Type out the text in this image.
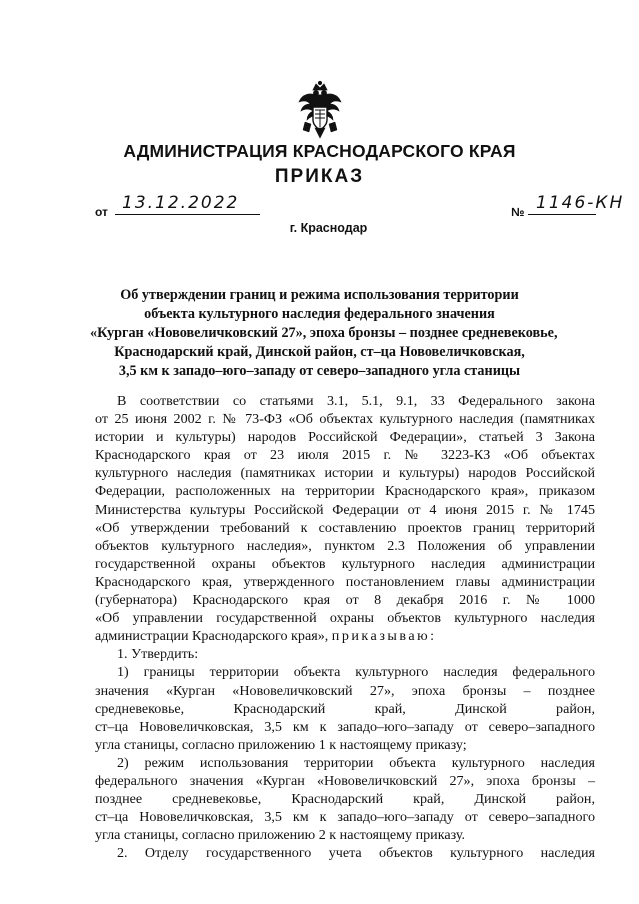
АДМИНИСТРАЦИЯ КРАСНОДАРСКОГО КРАЯ
ПРИКАЗ
от 13.12.2022	№ 1146-КН
г. Краснодар
Об утверждении границ и режима использования территории
объекта культурного наследия федерального значения
«Курган «Нововеличковский 27», эпоха бронзы – позднее средневековье,
Краснодарский край, Динской район, ст–ца Нововеличковская,
3,5 км к западо–юго–западу от северо–западного угла станицы

В соответствии со статьями 3.1, 5.1, 9.1, 33 Федерального закона

от 25 июня 2002 г. № 73-ФЗ «Об объектах культурного наследия (памятниках

истории и культуры) народов Российской Федерации», статьей 3 Закона

Краснодарского края от 23 июля 2015 г. № 3223-КЗ «Об объектах

культурного наследия (памятниках истории и культуры) народов Российской

Федерации, расположенных на территории Краснодарского края», приказом

Министерства культуры Российской Федерации от 4 июня 2015 г. № 1745

«Об утверждении требований к составлению проектов границ территорий

объектов культурного наследия», пунктом 2.3 Положения об управлении

государственной охраны объектов культурного наследия администрации

Краснодарского края, утвержденного постановлением главы администрации

(губернатора) Краснодарского края от 8 декабря 2016 г. № 1000

«Об управлении государственной охраны объектов культурного наследия

администрации Краснодарского края», приказываю:

1. Утвердить:

1) границы территории объекта культурного наследия федерального

значения «Курган «Нововеличковский 27», эпоха бронзы – позднее

средневековье, Краснодарский край, Динской район,

ст–ца Нововеличковская, 3,5 км к западо–юго–западу от северо–западного

угла станицы, согласно приложению 1 к настоящему приказу;

2) режим использования территории объекта культурного наследия

федерального значения «Курган «Нововеличковский 27», эпоха бронзы –

позднее средневековье, Краснодарский край, Динской район,

ст–ца Нововеличковская, 3,5 км к западо–юго–западу от северо–западного

угла станицы, согласно приложению 2 к настоящему приказу.

2. Отделу государственного учета объектов культурного наследия
